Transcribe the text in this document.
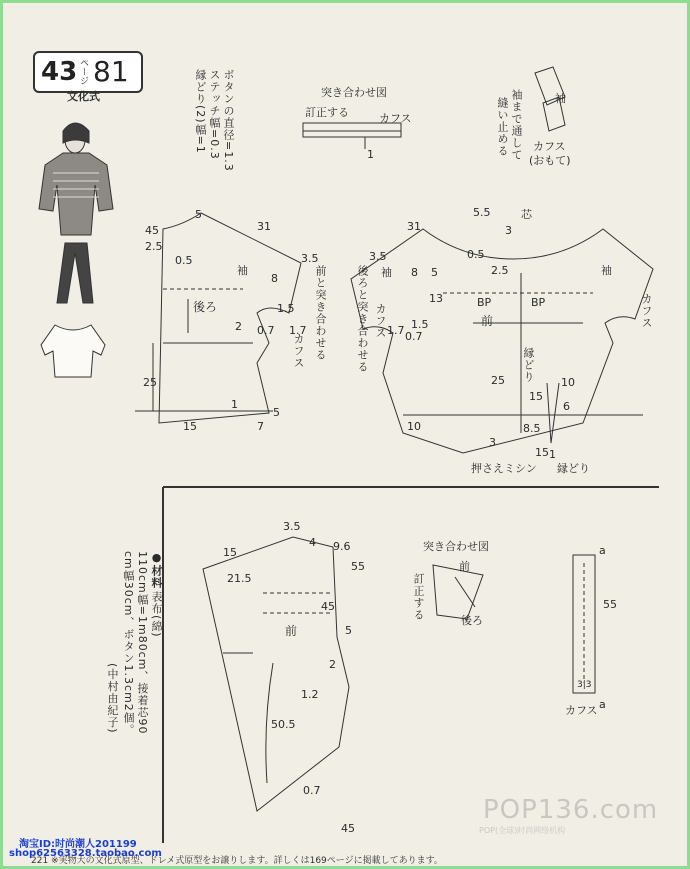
43 ページ 81
文化式	ボタンの直径=1.3
ステッチ幅=0.3
縁どり(2)幅=1	突き合わせ図
訂正する	カフス
1
袖
袖まで通して
縫い止める カフス
(おもて)
45
2.5
5
31
0.5
袖
3.5
8
2 0.7
1.5
1.7
後ろ
25
1
15	7
5
カフス 前と突き合わせる
3.5
31
5.5	芯
3
2.5
0.5
8 5
袖	袖
13	BP	BP
前	カフス
カフス 1.5
1.7 0.7
後ろと突き合わせる	縁どり
25	10
15
6
8.5
10
3
1
15
押さえミシン 縁どり
●材料
表布(綿)
110cm幅=1m80cm、接着芯90
cm幅30cm、ボタン1.3cm2個。
(中村由紀子)
3.5
4 9.6
15
21.5
55
45
前	5
2
1.2
50.5
0.7
45
突き合わせ図
前
後ろ
訂正する
a
55
3|3
a
カフス
POP136.com
POP(全球)时尚网络机构
淘宝ID:时尚潮人201199
shop62563328.taobao.com
221 ※実物大の文化式原型、ドレメ式原型をお譲りします。詳しくは169ページに掲載してあります。
